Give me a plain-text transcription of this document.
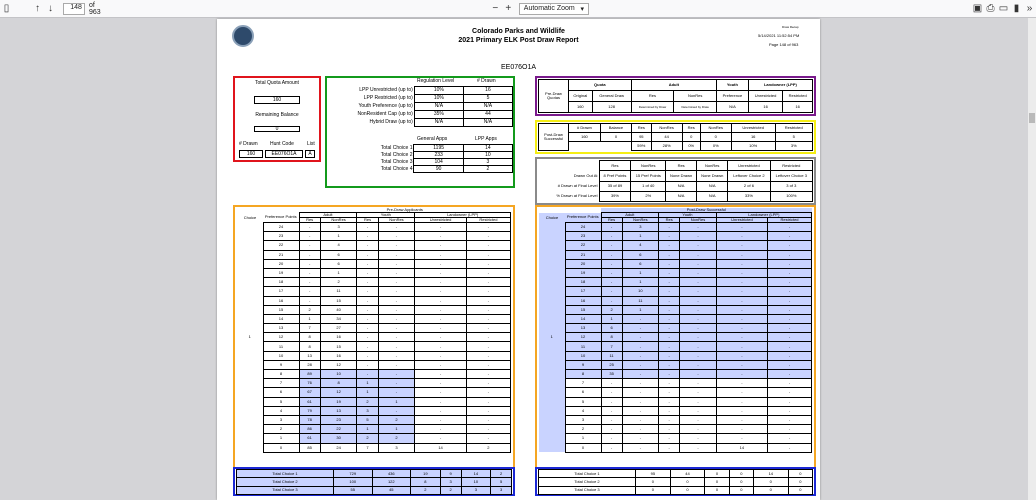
▯	↑ ↓	148	of 963	− +	Automatic Zoom ▾	▣ ⎙ ▭ ▮ »
Colorado Parks and Wildlife
2021 Primary ELK Post Draw Report
Draw Recap
5/14/2021 11:52:54 PM
Page 148 of 963
EE076O1A
Total Quota Amount
160
Remaining Balance
0
# Drawn Hunt Code	List
160	EE076O1A	A
Regulation Level	# Drawn
LPP Unrestricted (up to)	10%	16
LPP Restricted (up to)	10%	5
Youth Preference (up to)	N/A	N/A
NonResident Cap (up to)	35%	44
Hybrid Draw (up to)	N/A	N/A
General Apps	LPP Apps
Total Choice 1	1195	14
Total Choice 2	233	10
Total Choice 3	104	3
Total Choice 4	90	2
Pre-Draw Quotas	Quota		Adult		Youth	Landowner (LPP)	
	Original	General Draw	Res	NonRes	Preference	Unrestricted	Restricted
	160	128	Determined by Draw	Determined by Draw	N/A	16	16
Post-Draw Successful	# Drawn	Balance	Res	NonRes	Res	NonRes	Unrestricted	Restricted
	160	0	95	44	0	0	16	5
			59%	28%	0%	0%	10%	3%
	Res	NonRes	Res	NonRes	Unrestricted	Restricted
Drawn Out At	8 Pref Points	15 Pref Points	None Drawn	None Drawn	Leftover Choice 2	Leftover Choice 3
# Drawn at Final Level	35 of 89	1 of 40	N/A	N/A	2 of 6	3 of 3
% Drawn at Final Level	39%	2%	N/A	N/A	33%	100%
		Pre-Draw Applicants					
Choice	Preference Points	Adult		Youth		Landowner (LPP)	
		Res	NonRes	Res	NonRes	Unrestricted	Restricted
1	24	-	3	-	-	-	-
	23	-	1	-	-	-	-
	22	-	4	-	-	-	-
	21	-	6	-	-	-	-
	20	-	6	-	-	-	-
	19	-	1	-	-	-	-
	18	-	2	-	-	-	-
	17	-	11	-	-	-	-
	16	-	15	-	-	-	-
	15	2	40	-	-	-	-
	14	1	34	-	-	-	-
	13	7	27	-	-	-	-
	12	8	16	-	-	-	-
	11	8	15	-	-	-	-
	10	13	16	-	-	-	-
	9	28	12	-	-	-	-
	8	89	10	-	-	-	-
	7	76	8	1	-	-	-
	6	67	12	1	-	-	-
	5	61	19	2	1	-	-
	4	79	13	3	-	-	-
	3	78	23	5	2	-	-
	2	86	22	1	1	-	-
	1	61	30	2	2	-	-
	0	85	24	7	3	14	2
Total Choice 1	729	436	19	9	14	2
Total Choice 2	100	122	8	3	10	5
Total Choice 3	55	45	2	2	3	3
		Post-Draw Successful					
Choice	Preference Points	Adult		Youth		Landowner (LPP)	
		Res	NonRes	Res	NonRes	Unrestricted	Restricted
1	24	-	3	-	-	-	-
	23	-	1	-	-	-	-
	22	-	4	-	-	-	-
	21	-	6	-	-	-	-
	20	-	6	-	-	-	-
	19	-	1	-	-	-	-
	18	-	1	-	-	-	-
	17	-	10	-	-	-	-
	16	-	11	-	-	-	-
	15	2	1	-	-	-	-
	14	1	-	-	-	-	-
	13	6	-	-	-	-	-
	12	8	-	-	-	-	-
	11	7	-	-	-	-	-
	10	11	-	-	-	-	-
	9	25	-	-	-	-	-
	8	35	-	-	-	-	-
	7	-	-	-	-	-	-
	6	-	-	-	-	-	-
	5	-	-	-	-	-	-
	4	-	-	-	-	-	-
	3	-	-	-	-	-	-
	2	-	-	-	-	-	-
	1	-	-	-	-	-	-
	0	-	-	-	-	14	-
Total Choice 1	95	44	0	0	14	0
Total Choice 2	0	0	0	0	0	0
Total Choice 3	0	0	0	0	0	0
